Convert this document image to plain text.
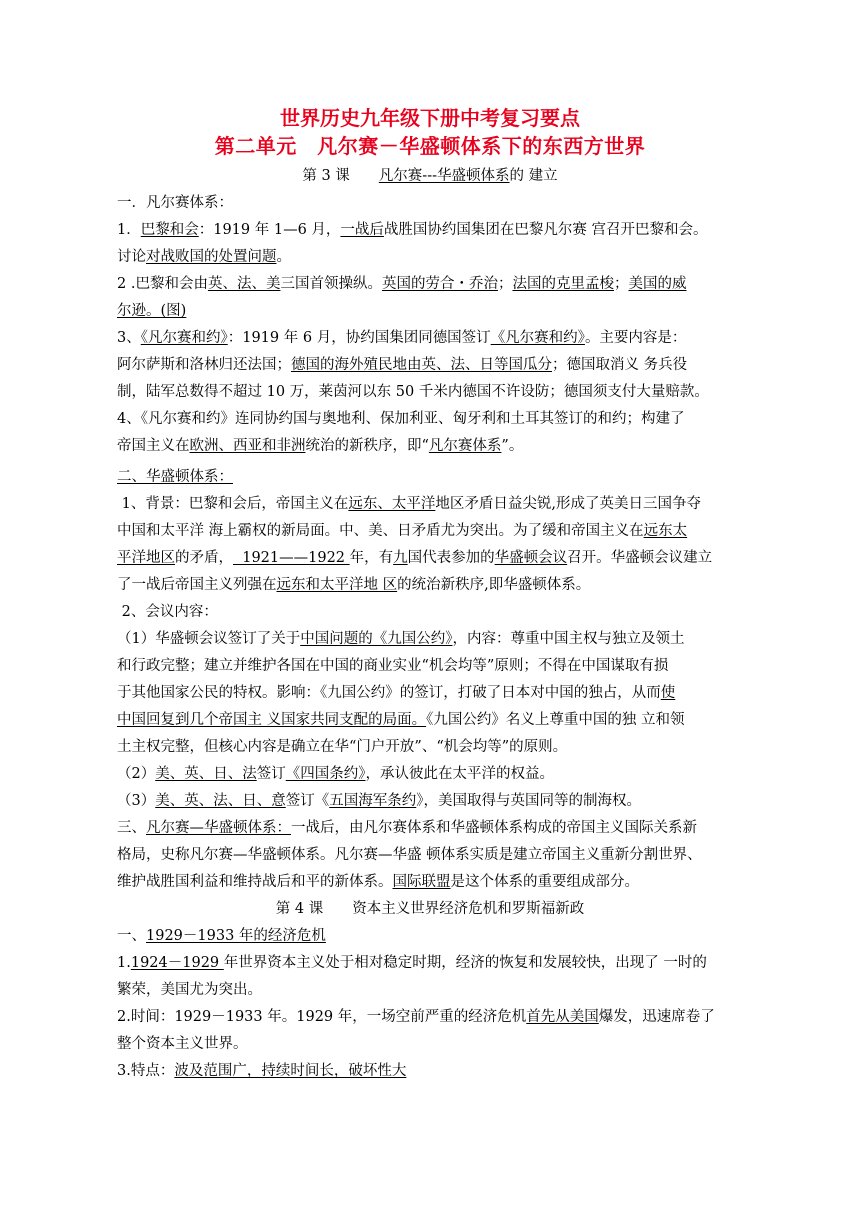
世界历史九年级下册中考复习要点
第二单元　凡尔赛－华盛顿体系下的东西方世界
第 3 课　　凡尔赛---华盛顿体系的 建立
一．凡尔赛体系：
1．巴黎和会：1919 年 1—6 月，一战后战胜国协约国集团在巴黎凡尔赛 宫召开巴黎和会。
讨论对战败国的处置问题。
2 .巴黎和会由英、法、美三国首领操纵。英国的劳合・乔治；法国的克里孟梭；美国的威
尔逊。(图)
3、《凡尔赛和约》：1919 年 6 月，协约国集团同德国签订《凡尔赛和约》。主要内容是：
阿尔萨斯和洛林归还法国；德国的海外殖民地由英、法、日等国瓜分；德国取消义 务兵役
制，陆军总数得不超过 10 万，莱茵河以东 50 千米内德国不许设防；德国须支付大量赔款。
4、《凡尔赛和约》连同协约国与奥地利、保加利亚、匈牙利和土耳其签订的和约；构建了
帝国主义在欧洲、西亚和非洲统治的新秩序，即“凡尔赛体系”。
二、华盛顿体系：
1、背景：巴黎和会后，帝国主义在远东、太平洋地区矛盾日益尖锐,形成了英美日三国争夺
中国和太平洋 海上霸权的新局面。中、美、日矛盾尤为突出。为了缓和帝国主义在远东太
平洋地区的矛盾，  1921——1922 年，有九国代表参加的华盛顿会议召开。华盛顿会议建立
了一战后帝国主义列强在远东和太平洋地 区的统治新秩序,即华盛顿体系。
2、会议内容：
（1）华盛顿会议签订了关于中国问题的《九国公约》，内容：尊重中国主权与独立及领土
和行政完整；建立并维护各国在中国的商业实业“机会均等”原则；不得在中国谋取有损
于其他国家公民的特权。影响：《九国公约》的签订，打破了日本对中国的独占，从而使
中国回复到几个帝国主 义国家共同支配的局面。《九国公约》名义上尊重中国的独 立和领
土主权完整，但核心内容是确立在华“门户开放”、“机会均等”的原则。
（2）美、英、日、法签订《四国条约》，承认彼此在太平洋的权益。
（3）美、英、法、日、意签订《五国海军条约》，美国取得与英国同等的制海权。
三、凡尔赛—华盛顿体系：一战后，由凡尔赛体系和华盛顿体系构成的帝国主义国际关系新
格局，史称凡尔赛—华盛顿体系。凡尔赛—华盛 顿体系实质是建立帝国主义重新分割世界、
维护战胜国利益和维持战后和平的新体系。国际联盟是这个体系的重要组成部分。
第 4 课　　资本主义世界经济危机和罗斯福新政
一、1929－1933 年的经济危机
1.1924－1929 年世界资本主义处于相对稳定时期，经济的恢复和发展较快，出现了 一时的
繁荣，美国尤为突出。
2.时间：1929－1933 年。1929 年，一场空前严重的经济危机首先从美国爆发，迅速席卷了
整个资本主义世界。
3.特点：波及范围广，持续时间长，破坏性大
